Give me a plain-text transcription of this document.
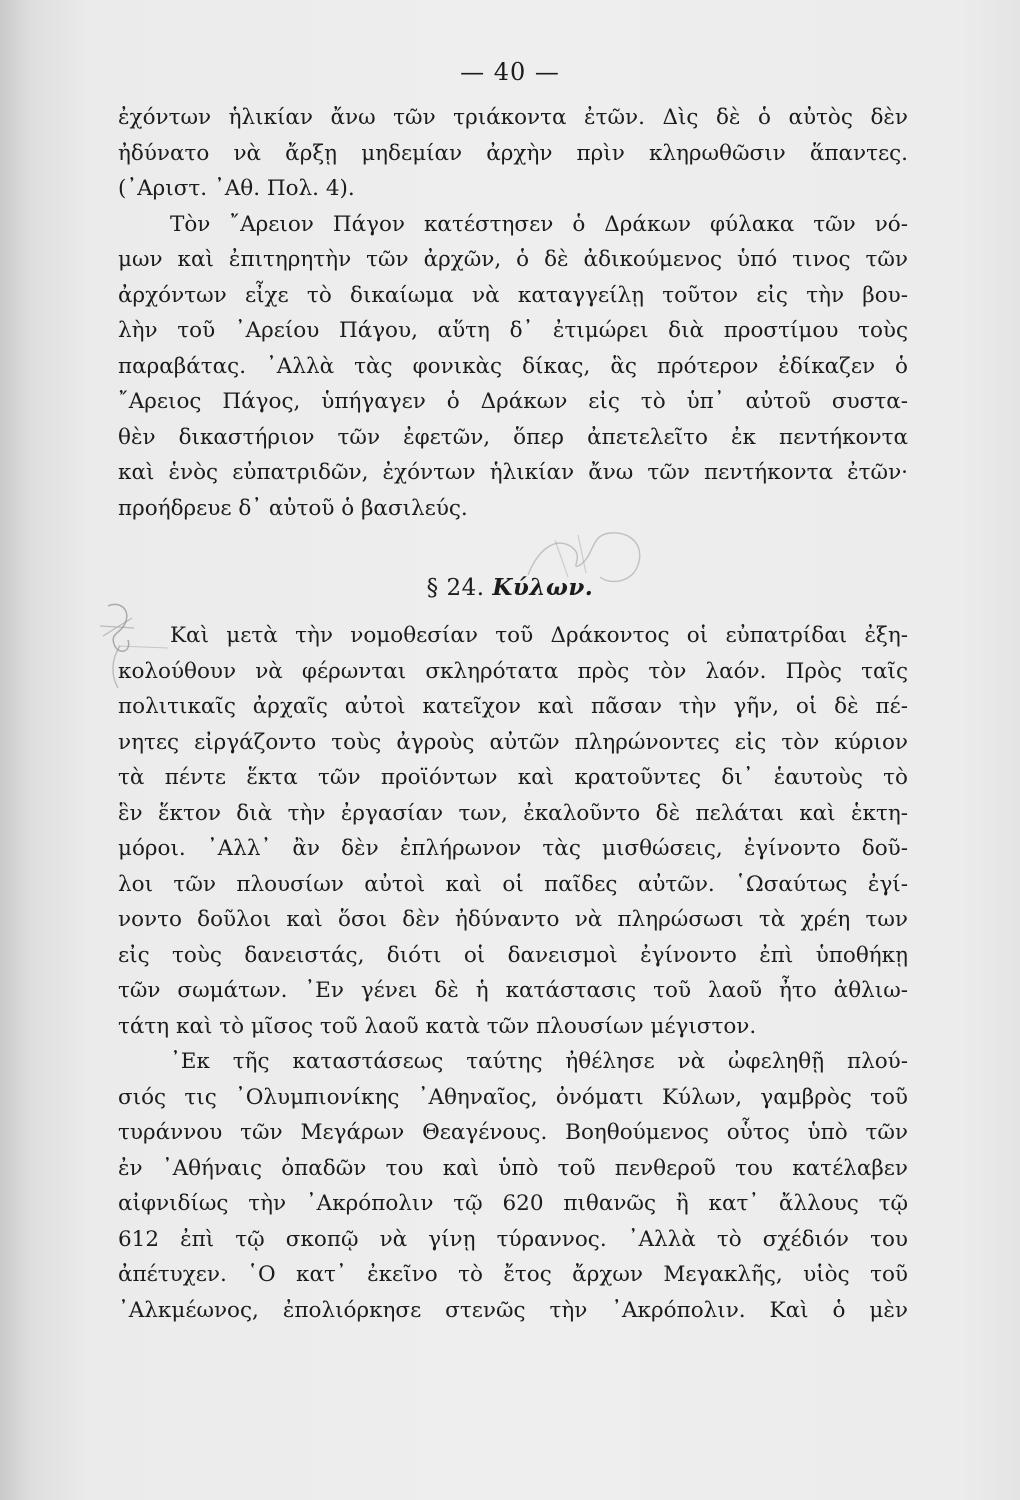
— 40 —
ἐχόντων ἡλικίαν ἄνω τῶν τριάκοντα ἐτῶν. Δὶς δὲ ὁ αὐτὸς δὲν
ἠδύνατο νὰ ἄρξῃ μηδεμίαν ἀρχὴν πρὶν κληρωθῶσιν ἅπαντες.
(᾽Αριστ. ᾽Αθ. Πολ. 4).
Τὸν ῎Αρειον Πάγον κατέστησεν ὁ Δράκων φύλακα τῶν νό-
μων καὶ ἐπιτηρητὴν τῶν ἀρχῶν, ὁ δὲ ἀδικούμενος ὑπό τινος τῶν
ἀρχόντων εἶχε τὸ δικαίωμα νὰ καταγγείλῃ τοῦτον εἰς τὴν βου-
λὴν τοῦ ᾽Αρείου Πάγου, αὕτη δ᾽ ἐτιμώρει διὰ προστίμου τοὺς
παραβάτας. ᾽Αλλὰ τὰς φονικὰς δίκας, ἃς πρότερον ἐδίκαζεν ὁ
῎Αρειος Πάγος, ὑπήγαγεν ὁ Δράκων εἰς τὸ ὑπ᾽ αὐτοῦ συστα-
θὲν δικαστήριον τῶν ἐφετῶν, ὅπερ ἀπετελεῖτο ἐκ πεντήκοντα
καὶ ἑνὸς εὐπατριδῶν, ἐχόντων ἡλικίαν ἄνω τῶν πεντήκοντα ἐτῶν·
προήδρευε δ᾽ αὐτοῦ ὁ βασιλεύς.
§ 24. Κύλων.
Καὶ μετὰ τὴν νομοθεσίαν τοῦ Δράκοντος οἱ εὐπατρίδαι ἐξη-
κολούθουν νὰ φέρωνται σκληρότατα πρὸς τὸν λαόν. Πρὸς ταῖς
πολιτικαῖς ἀρχαῖς αὐτοὶ κατεῖχον καὶ πᾶσαν τὴν γῆν, οἱ δὲ πέ-
νητες εἰργάζοντο τοὺς ἀγροὺς αὐτῶν πληρώνοντες εἰς τὸν κύριον
τὰ πέντε ἕκτα τῶν προϊόντων καὶ κρατοῦντες δι᾽ ἑαυτοὺς τὸ
ἓν ἕκτον διὰ τὴν ἐργασίαν των, ἐκαλοῦντο δὲ πελάται καὶ ἑκτη-
μόροι. ᾽Αλλ᾽ ἂν δὲν ἐπλήρωνον τὰς μισθώσεις, ἐγίνοντο δοῦ-
λοι τῶν πλουσίων αὐτοὶ καὶ οἱ παῖδες αὐτῶν. ῾Ωσαύτως ἐγί-
νοντο δοῦλοι καὶ ὅσοι δὲν ἠδύναντο νὰ πληρώσωσι τὰ χρέη των
εἰς τοὺς δανειστάς, διότι οἱ δανεισμοὶ ἐγίνοντο ἐπὶ ὑποθήκῃ
τῶν σωμάτων. ᾽Εν γένει δὲ ἡ κατάστασις τοῦ λαοῦ ἦτο ἀθλιω-
τάτη καὶ τὸ μῖσος τοῦ λαοῦ κατὰ τῶν πλουσίων μέγιστον.
᾽Εκ τῆς καταστάσεως ταύτης ἠθέλησε νὰ ὠφεληθῇ πλού-
σιός τις ᾽Ολυμπιονίκης ᾽Αθηναῖος, ὀνόματι Κύλων, γαμβρὸς τοῦ
τυράννου τῶν Μεγάρων Θεαγένους. Βοηθούμενος οὗτος ὑπὸ τῶν
ἐν ᾽Αθήναις ὀπαδῶν του καὶ ὑπὸ τοῦ πενθεροῦ του κατέλαβεν
αἰφνιδίως τὴν ᾽Ακρόπολιν τῷ 620 πιθανῶς ἢ κατ᾽ ἄλλους τῷ
612 ἐπὶ τῷ σκοπῷ νὰ γίνῃ τύραννος. ᾽Αλλὰ τὸ σχέδιόν του
ἀπέτυχεν. ῾Ο κατ᾽ ἐκεῖνο τὸ ἔτος ἄρχων Μεγακλῆς, υἱὸς τοῦ
᾽Αλκμέωνος, ἐπολιόρκησε στενῶς τὴν ᾽Ακρόπολιν. Καὶ ὁ μὲν
